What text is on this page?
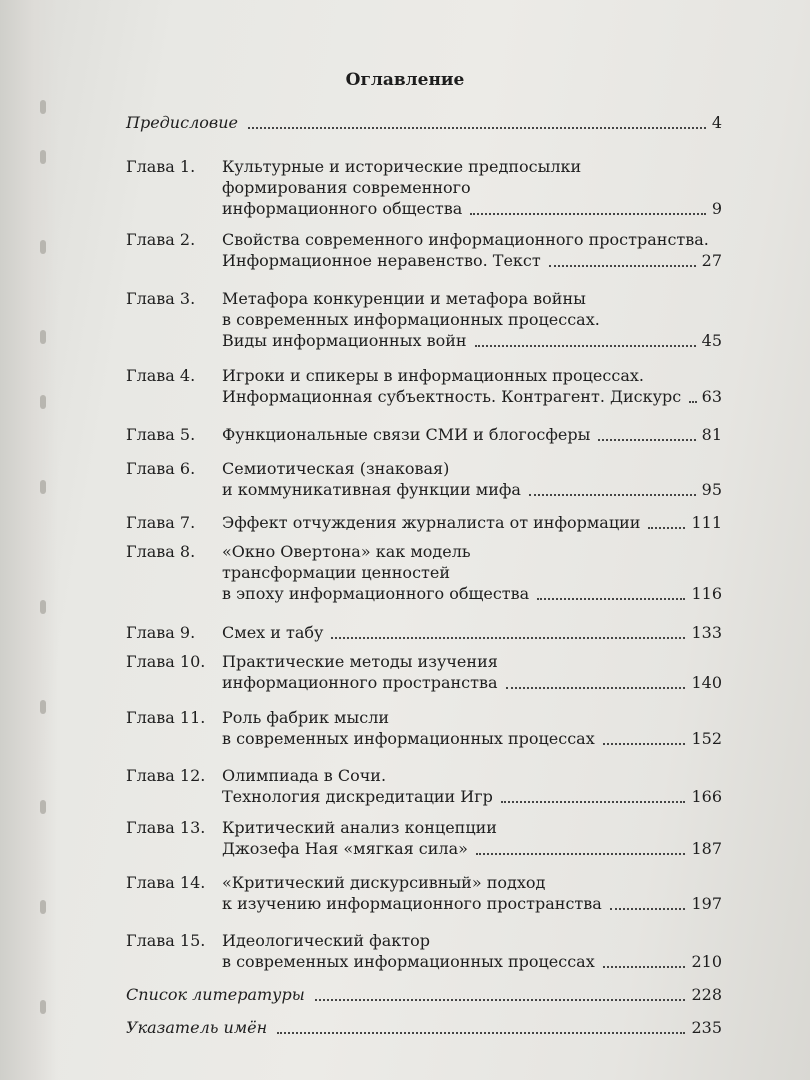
Оглавление
Предисловие	4
Глава 1. Культурные и исторические предпосылки
формирования современного
информационного общества	9
Глава 2. Свойства современного информационного пространства.
Информационное неравенство. Текст	27
Глава 3. Метафора конкуренции и метафора войны
в современных информационных процессах.
Виды информационных войн	45
Глава 4. Игроки и спикеры в информационных процессах.
Информационная субъектность. Контрагент. Дискурс 63
Глава 5. Функциональные связи СМИ и блогосферы	81
Глава 6. Семиотическая (знаковая)
и коммуникативная функции мифа	95
Глава 7. Эффект отчуждения журналиста от информации	111
Глава 8. «Окно Овертона» как модель
трансформации ценностей
в эпоху информационного общества	116
Глава 9. Смех и табу	133
Глава 10. Практические методы изучения
информационного пространства	140
Глава 11. Роль фабрик мысли
в современных информационных процессах	152
Глава 12. Олимпиада в Сочи.
Технология дискредитации Игр	166
Глава 13. Критический анализ концепции
Джозефа Ная «мягкая сила»	187
Глава 14. «Критический дискурсивный» подход
к изучению информационного пространства	197
Глава 15. Идеологический фактор
в современных информационных процессах	210
Список литературы	228
Указатель имён	235
